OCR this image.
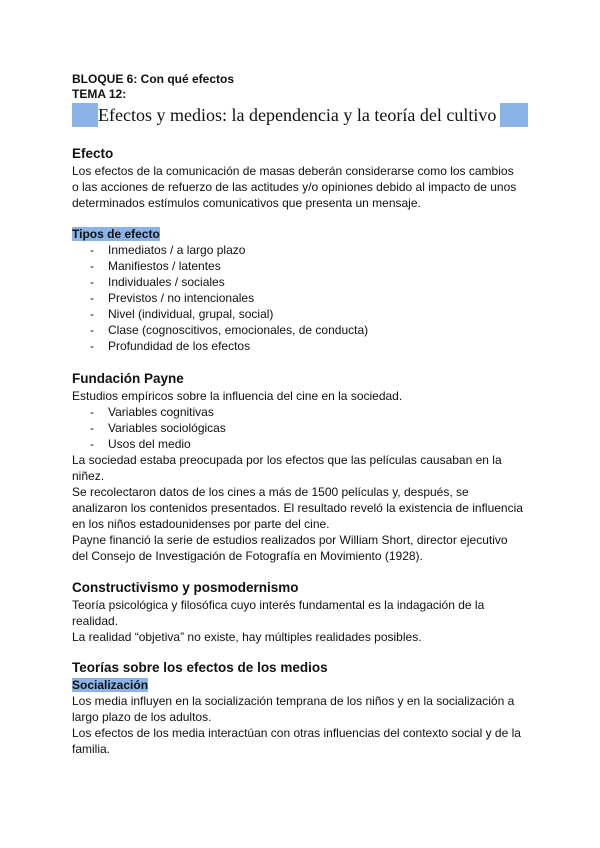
BLOQUE 6: Con qué efectos
TEMA 12:
Efectos y medios: la dependencia y la teoría del cultivo
Efecto

Los efectos de la comunicación de masas deberán considerarse como los cambios

o las acciones de refuerzo de las actitudes y/o opiniones debido al impacto de unos

determinados estímulos comunicativos que presenta un mensaje.

Tipos de efecto

- Inmediatos / a largo plazo
- Manifiestos / latentes
- Individuales / sociales
- Previstos / no intencionales
- Nivel (individual, grupal, social)
- Clase (cognoscitivos, emocionales, de conducta)
- Profundidad de los efectos
Fundación Payne

Estudios empíricos sobre la influencia del cine en la sociedad.

- Variables cognitivas
- Variables sociológicas
- Usos del medio

La sociedad estaba preocupada por los efectos que las películas causaban en la

niñez.

Se recolectaron datos de los cines a más de 1500 películas y, después, se

analizaron los contenidos presentados. El resultado reveló la existencia de influencia

en los niños estadounidenses por parte del cine.

Payne financió la serie de estudios realizados por William Short, director ejecutivo

del Consejo de Investigación de Fotografía en Movimiento (1928).

Constructivismo y posmodernismo

Teoría psicológica y filosófica cuyo interés fundamental es la indagación de la

realidad.

La realidad “objetiva” no existe, hay múltiples realidades posibles.

Teorías sobre los efectos de los medios

Socialización

Los media influyen en la socialización temprana de los niños y en la socialización a

largo plazo de los adultos.

Los efectos de los media interactúan con otras influencias del contexto social y de la

familia.
